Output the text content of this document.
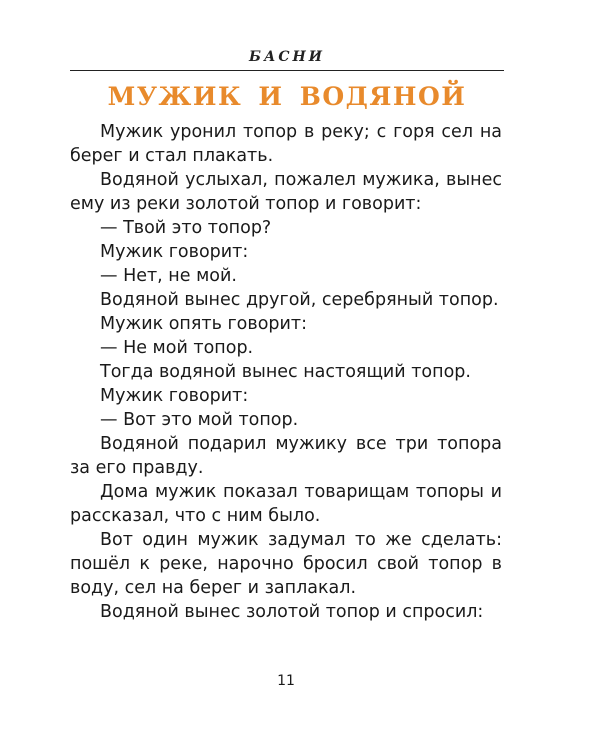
БАСНИ
МУЖИК И ВОДЯНОЙ

Мужик уронил топор в реку; с горя сел на берег и стал плакать.

Водяной услыхал, пожалел мужика, вынес ему из реки золотой топор и говорит:

— Твой это топор?

Мужик говорит:

— Нет, не мой.

Водяной вынес другой, серебряный топор.

Мужик опять говорит:

— Не мой топор.

Тогда водяной вынес настоящий топор.

Мужик говорит:

— Вот это мой топор.

Водяной подарил мужику все три топора за его правду.

Дома мужик показал товарищам топоры и рассказал, что с ним было.

Вот один мужик задумал то же сделать: пошёл к реке, нарочно бросил свой топор в воду, сел на берег и заплакал.

Водяной вынес золотой топор и спросил:

11
